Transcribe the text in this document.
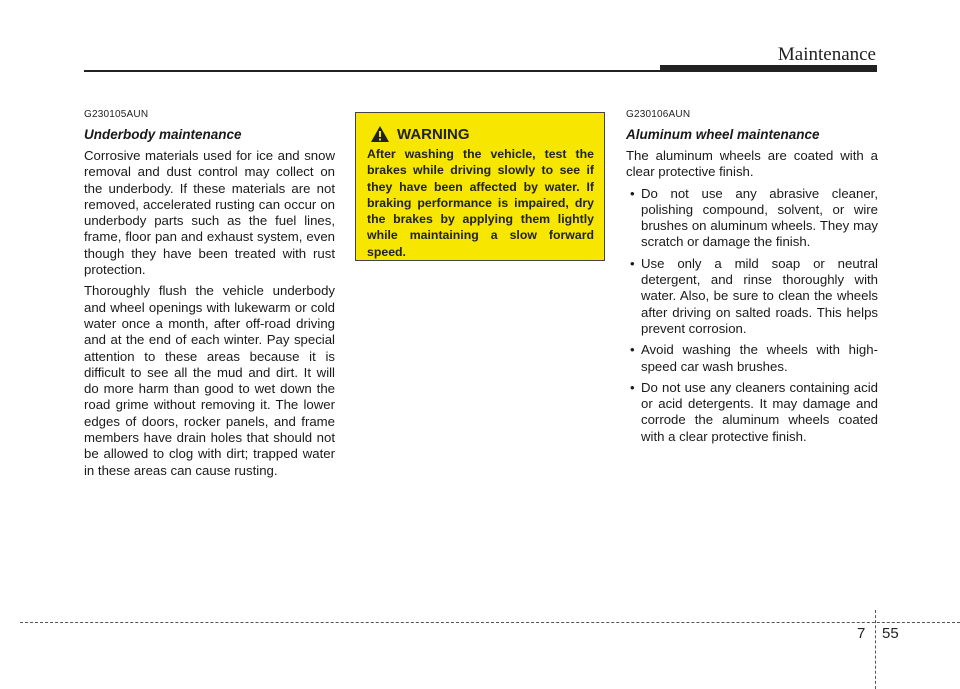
Maintenance
G230105AUN
Underbody maintenance

Corrosive materials used for ice and snow removal and dust control may collect on the underbody. If these materials are not removed, accelerated rusting can occur on underbody parts such as the fuel lines, frame, floor pan and exhaust system, even though they have been treated with rust protection.

Thoroughly flush the vehicle underbody and wheel openings with lukewarm or cold water once a month, after off-road driving and at the end of each winter. Pay special attention to these areas because it is difficult to see all the mud and dirt. It will do more harm than good to wet down the road grime without removing it. The lower edges of doors, rocker panels, and frame members have drain holes that should not be allowed to clog with dirt; trapped water in these areas can cause rusting.

WARNING
After washing the vehicle, test the brakes while driving slowly to see if they have been affected by water. If braking performance is impaired, dry the brakes by applying them lightly while maintaining a slow forward speed.
G230106AUN
Aluminum wheel maintenance

The aluminum wheels are coated with a clear protective finish.

• Do not use any abrasive cleaner, polishing compound, solvent, or wire brushes on aluminum wheels. They may scratch or damage the finish.
• Use only a mild soap or neutral detergent, and rinse thoroughly with water. Also, be sure to clean the wheels after driving on salted roads. This helps prevent corrosion.
• Avoid washing the wheels with high-speed car wash brushes.
• Do not use any cleaners containing acid or acid detergents. It may damage and corrode the aluminum wheels coated with a clear protective finish.
7 55
